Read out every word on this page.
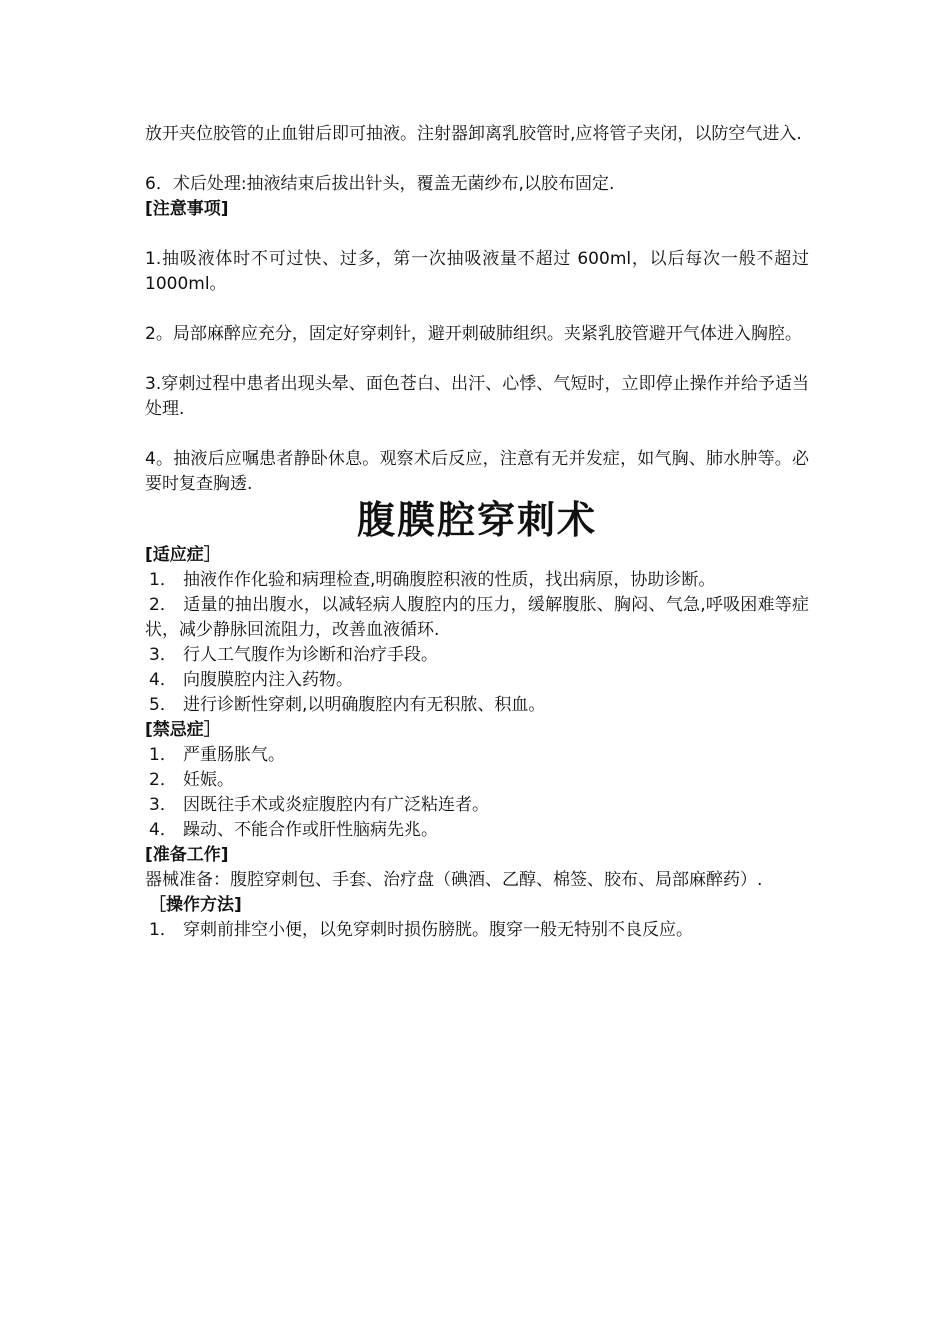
放开夹位胶管的止血钳后即可抽液。注射器卸离乳胶管时,应将管子夹闭，以防空气进入.

6．术后处理:抽液结束后拔出针头，覆盖无菌纱布,以胶布固定.

[注意事项]

1.抽吸液体时不可过快、过多，第一次抽吸液量不超过 600ml，以后每次一般不超过 1000ml。

2。局部麻醉应充分，固定好穿刺针，避开刺破肺组织。夹紧乳胶管避开气体进入胸腔。

3.穿刺过程中患者出现头晕、面色苍白、出汗、心悸、气短时，立即停止操作并给予适当处理.

4。抽液后应嘱患者静卧休息。观察术后反应，注意有无并发症，如气胸、肺水肿等。必要时复查胸透.

腹膜腔穿刺术

[适应症］

1． 抽液作作化验和病理检查,明确腹腔积液的性质，找出病原，协助诊断。

2． 适量的抽出腹水，以减轻病人腹腔内的压力，缓解腹胀、胸闷、气急,呼吸困难等症状，减少静脉回流阻力，改善血液循环.

3． 行人工气腹作为诊断和治疗手段。

4． 向腹膜腔内注入药物。

5． 进行诊断性穿刺,以明确腹腔内有无积脓、积血。

[禁忌症］

1． 严重肠胀气。

2． 妊娠。

3． 因既往手术或炎症腹腔内有广泛粘连者。

4． 躁动、不能合作或肝性脑病先兆。

[准备工作]

器械准备：腹腔穿刺包、手套、治疗盘（碘酒、乙醇、棉签、胶布、局部麻醉药）.

［操作方法]

1． 穿刺前排空小便，以免穿刺时损伤膀胱。腹穿一般无特别不良反应。
